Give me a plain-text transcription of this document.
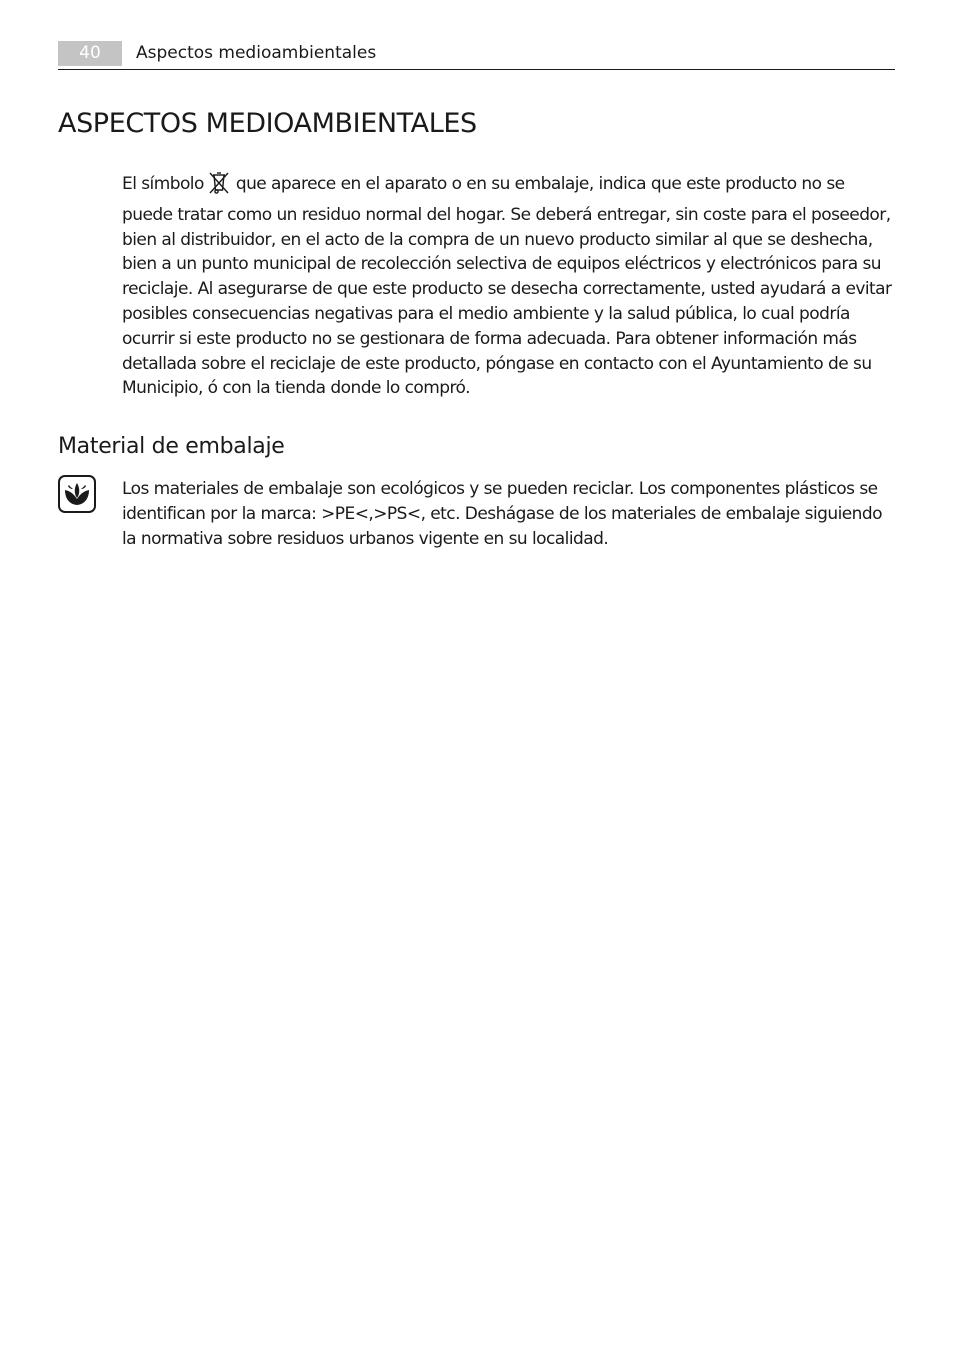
40	Aspectos medioambientales
ASPECTOS MEDIOAMBIENTALES

El símbolo que aparece en el aparato o en su embalaje, indica que este producto no se puede tratar como un residuo normal del hogar. Se deberá entregar, sin coste para el poseedor, bien al distribuidor, en el acto de la compra de un nuevo producto similar al que se deshecha, bien a un punto municipal de recolección selectiva de equipos eléctricos y electrónicos para su reciclaje. Al asegurarse de que este producto se desecha correctamente, usted ayudará a evitar posibles consecuencias negativas para el medio ambiente y la salud pública, lo cual podría ocurrir si este producto no se gestionara de forma adecuada. Para obtener información más detallada sobre el reciclaje de este producto, póngase en contacto con el Ayuntamiento de su Municipio, ó con la tienda donde lo compró.

Material de embalaje

Los materiales de embalaje son ecológicos y se pueden reciclar. Los componentes plásticos se identifican por la marca: >PE<,>PS<, etc. Deshágase de los materiales de embalaje siguiendo la normativa sobre residuos urbanos vigente en su localidad.
